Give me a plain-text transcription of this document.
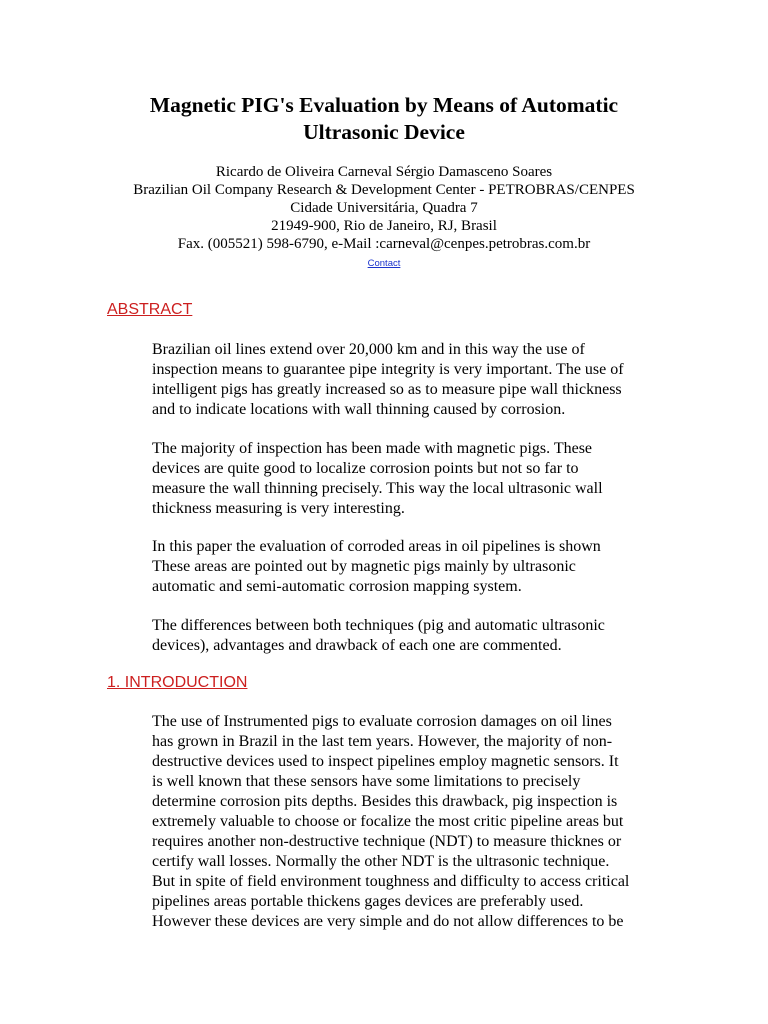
Magnetic PIG's Evaluation by Means of Automatic
Ultrasonic Device
Ricardo de Oliveira Carneval Sérgio Damasceno Soares
Brazilian Oil Company Research & Development Center - PETROBRAS/CENPES
Cidade Universitária, Quadra 7
21949-900, Rio de Janeiro, RJ, Brasil
Fax. (005521) 598-6790, e-Mail :carneval@cenpes.petrobras.com.br
Contact
ABSTRACT

Brazilian oil lines extend over 20,000 km and in this way the use of
inspection means to guarantee pipe integrity is very important. The use of
intelligent pigs has greatly increased so as to measure pipe wall thickness
and to indicate locations with wall thinning caused by corrosion.

The majority of inspection has been made with magnetic pigs. These
devices are quite good to localize corrosion points but not so far to
measure the wall thinning precisely. This way the local ultrasonic wall
thickness measuring is very interesting.

In this paper the evaluation of corroded areas in oil pipelines is shown
These areas are pointed out by magnetic pigs mainly by ultrasonic
automatic and semi-automatic corrosion mapping system.

The differences between both techniques (pig and automatic ultrasonic
devices), advantages and drawback of each one are commented.

1. INTRODUCTION

The use of Instrumented pigs to evaluate corrosion damages on oil lines
has grown in Brazil in the last tem years. However, the majority of non-
destructive devices used to inspect pipelines employ magnetic sensors. It
is well known that these sensors have some limitations to precisely
determine corrosion pits depths. Besides this drawback, pig inspection is
extremely valuable to choose or focalize the most critic pipeline areas but
requires another non-destructive technique (NDT) to measure thicknes or
certify wall losses. Normally the other NDT is the ultrasonic technique.
But in spite of field environment toughness and difficulty to access critical
pipelines areas portable thickens gages devices are preferably used.
However these devices are very simple and do not allow differences to be
